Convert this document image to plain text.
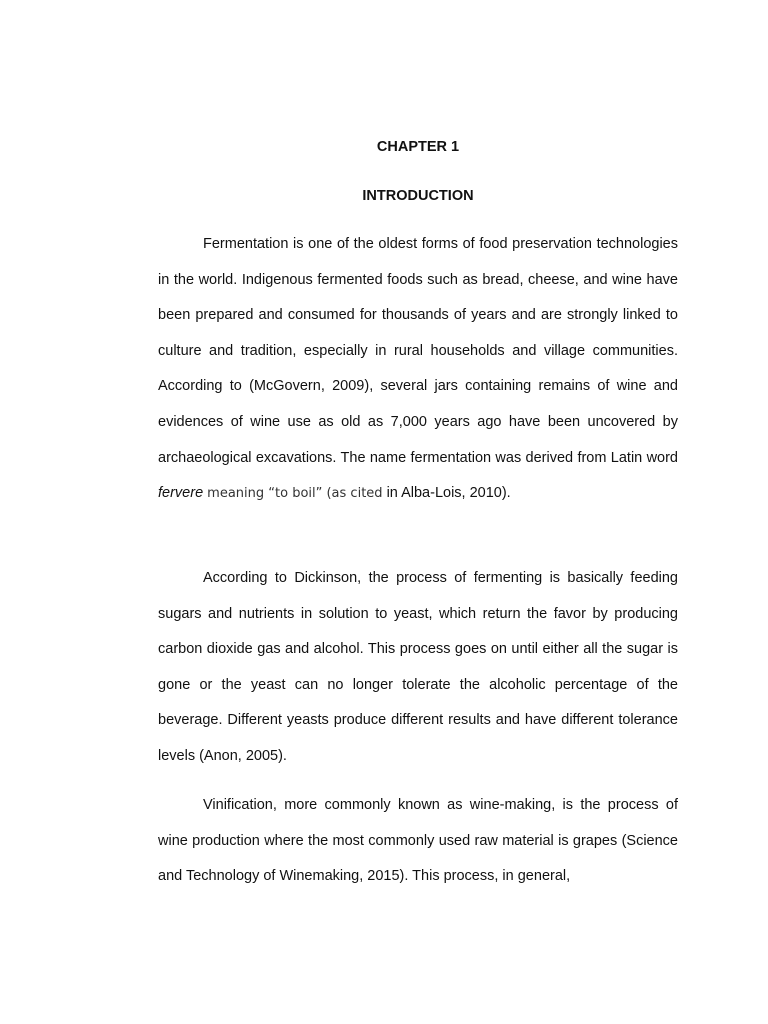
CHAPTER 1
INTRODUCTION

Fermentation is one of the oldest forms of food preservation technologies in the world. Indigenous fermented foods such as bread, cheese, and wine have been prepared and consumed for thousands of years and are strongly linked to culture and tradition, especially in rural households and village communities. According to (McGovern, 2009), several jars containing remains of wine and evidences of wine use as old as 7,000 years ago have been uncovered by archaeological excavations. The name fermentation was derived from Latin word fervere meaning “to boil” (as cited in Alba-Lois, 2010).

According to Dickinson, the process of fermenting is basically feeding sugars and nutrients in solution to yeast, which return the favor by producing carbon dioxide gas and alcohol. This process goes on until either all the sugar is gone or the yeast can no longer tolerate the alcoholic percentage of the beverage. Different yeasts produce different results and have different tolerance levels (Anon, 2005).

Vinification, more commonly known as wine-making, is the process of wine production where the most commonly used raw material is grapes (Science and Technology of Winemaking, 2015). This process, in general,
